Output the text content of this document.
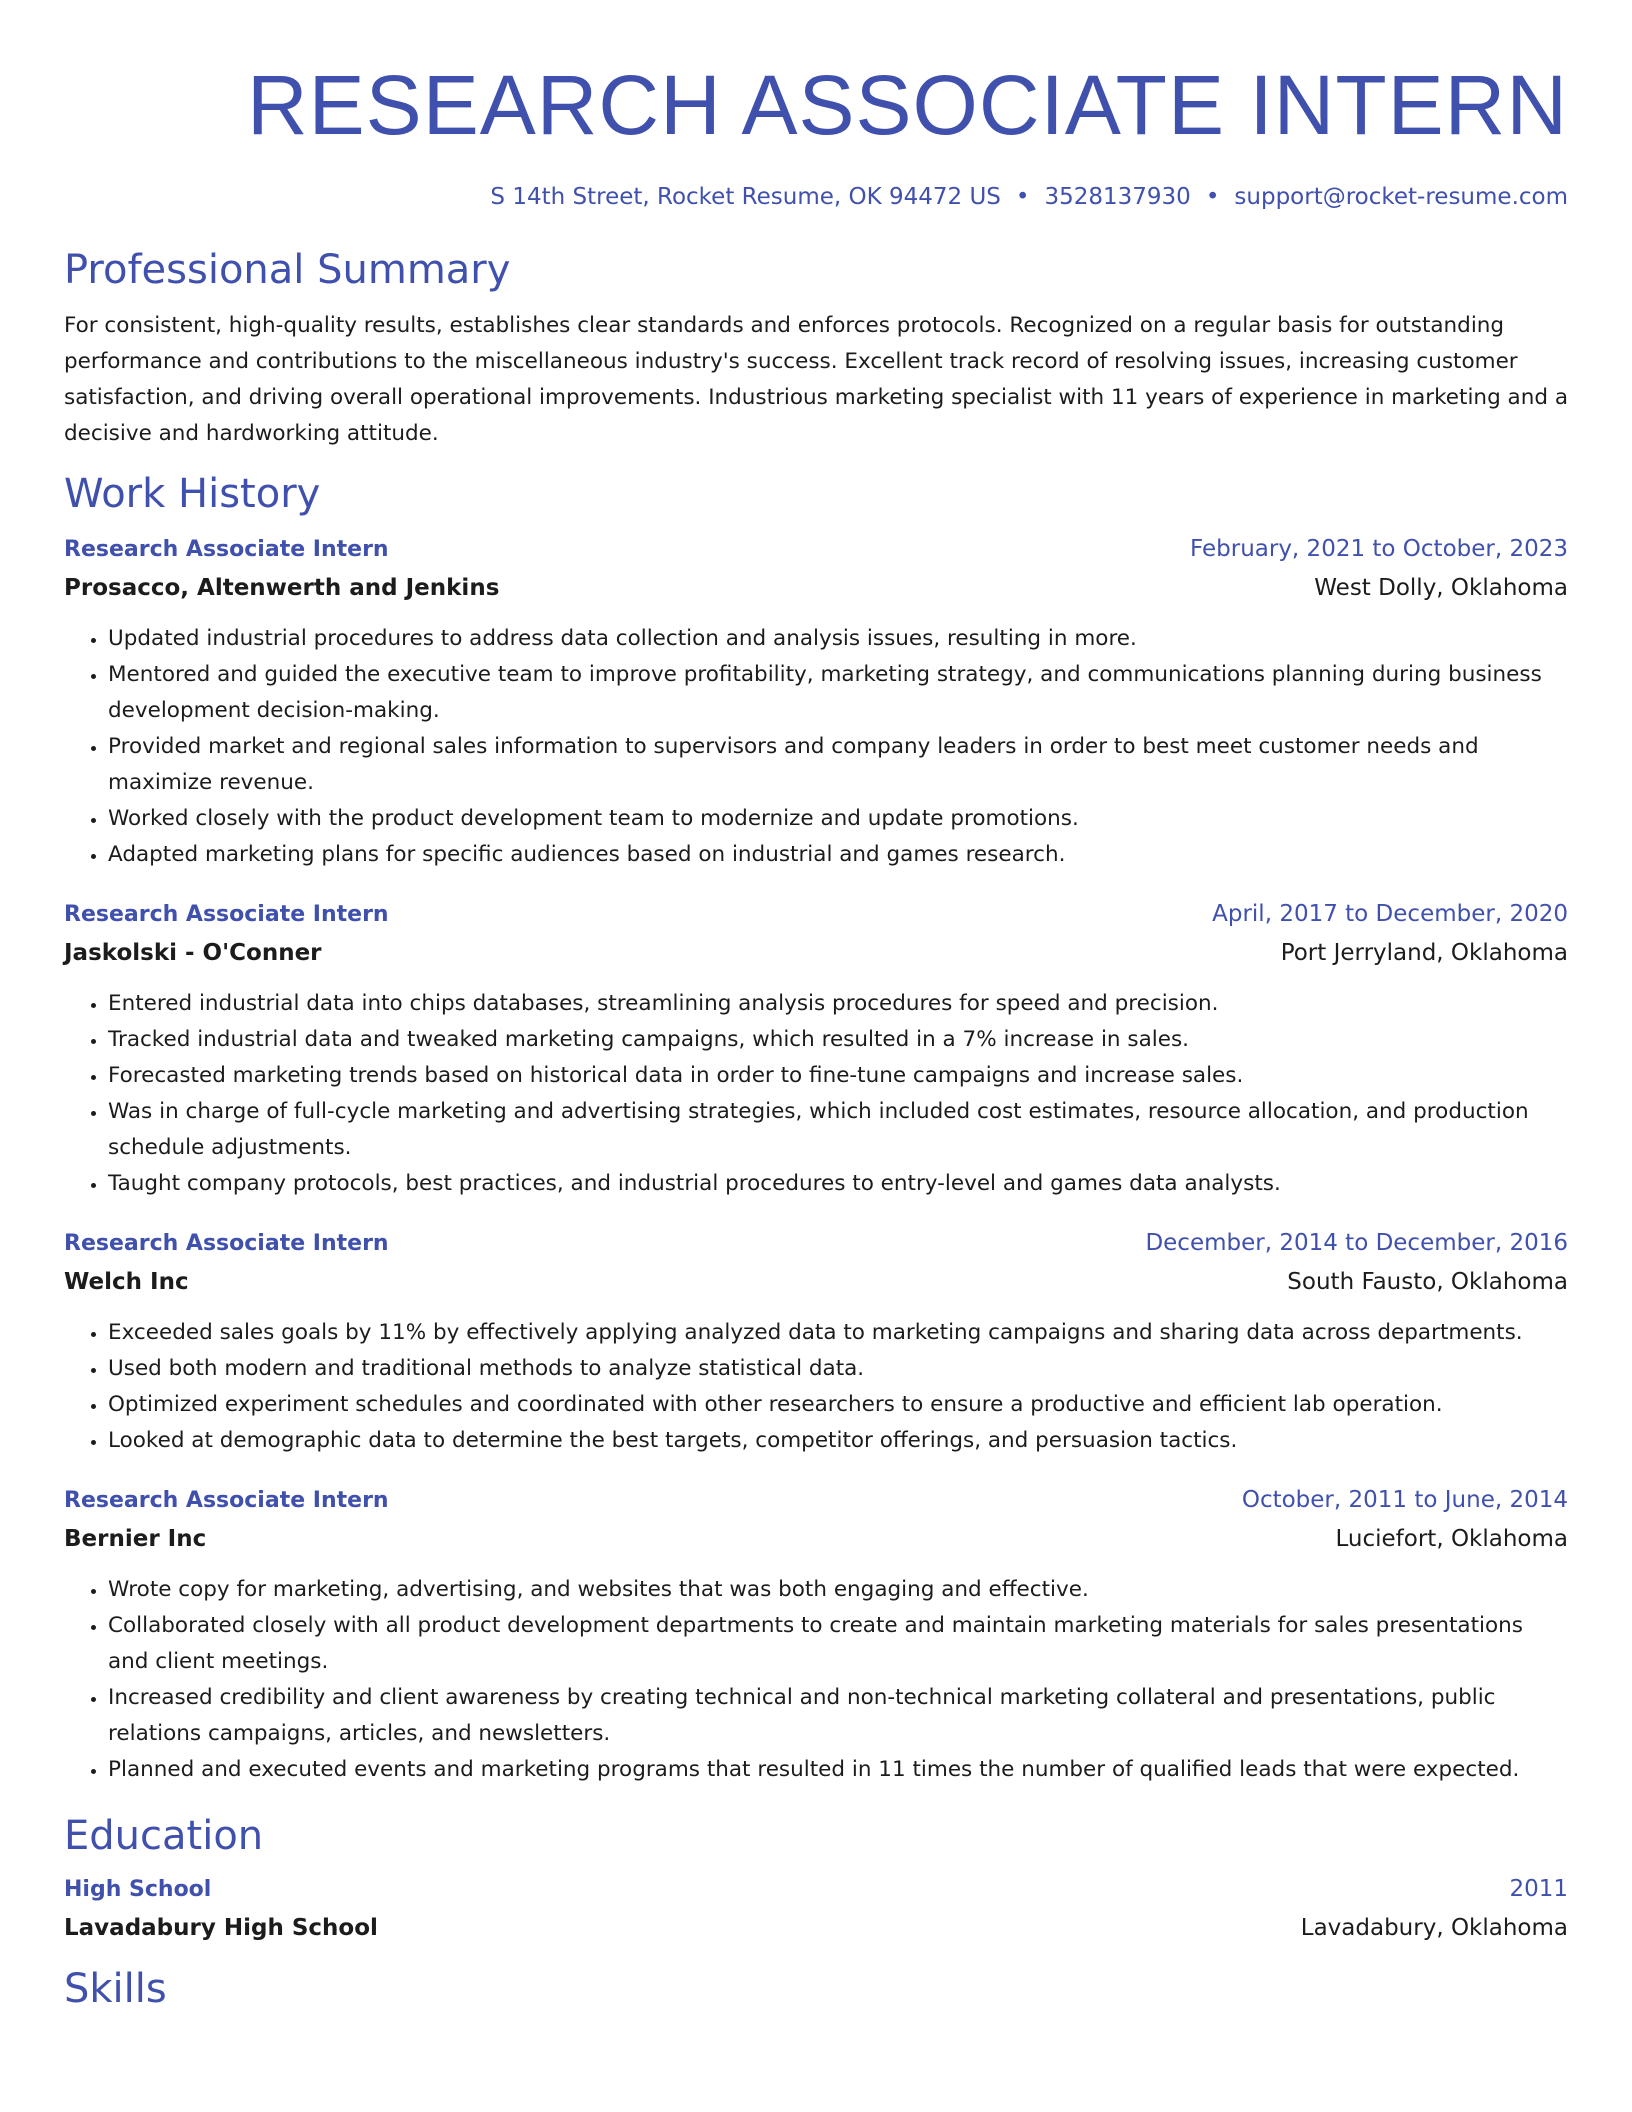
RESEARCH ASSOCIATE INTERN
S 14th Street, Rocket Resume, OK 94472 US • 3528137930 • support@rocket-resume.com
Professional Summary

For consistent, high-quality results, establishes clear standards and enforces protocols. Recognized on a regular basis for outstanding performance and contributions to the miscellaneous industry's success. Excellent track record of resolving issues, increasing customer satisfaction, and driving overall operational improvements. Industrious marketing specialist with 11 years of experience in marketing and a decisive and hardworking attitude.

Work History
Research Associate Intern	February, 2021 to October, 2023
Prosacco, Altenwerth and Jenkins	West Dolly, Oklahoma
• Updated industrial procedures to address data collection and analysis issues, resulting in more.
• Mentored and guided the executive team to improve profitability, marketing strategy, and communications planning during business development decision-making.
• Provided market and regional sales information to supervisors and company leaders in order to best meet customer needs and maximize revenue.
• Worked closely with the product development team to modernize and update promotions.
• Adapted marketing plans for specific audiences based on industrial and games research.
Research Associate Intern	April, 2017 to December, 2020
Jaskolski - O'Conner	Port Jerryland, Oklahoma
• Entered industrial data into chips databases, streamlining analysis procedures for speed and precision.
• Tracked industrial data and tweaked marketing campaigns, which resulted in a 7% increase in sales.
• Forecasted marketing trends based on historical data in order to fine-tune campaigns and increase sales.
• Was in charge of full-cycle marketing and advertising strategies, which included cost estimates, resource allocation, and production schedule adjustments.
• Taught company protocols, best practices, and industrial procedures to entry-level and games data analysts.
Research Associate Intern	December, 2014 to December, 2016
Welch Inc	South Fausto, Oklahoma
• Exceeded sales goals by 11% by effectively applying analyzed data to marketing campaigns and sharing data across departments.
• Used both modern and traditional methods to analyze statistical data.
• Optimized experiment schedules and coordinated with other researchers to ensure a productive and efficient lab operation.
• Looked at demographic data to determine the best targets, competitor offerings, and persuasion tactics.
Research Associate Intern	October, 2011 to June, 2014
Bernier Inc	Luciefort, Oklahoma
• Wrote copy for marketing, advertising, and websites that was both engaging and effective.
• Collaborated closely with all product development departments to create and maintain marketing materials for sales presentations and client meetings.
• Increased credibility and client awareness by creating technical and non-technical marketing collateral and presentations, public relations campaigns, articles, and newsletters.
• Planned and executed events and marketing programs that resulted in 11 times the number of qualified leads that were expected.
Education
High School	2011
Lavadabury High School	Lavadabury, Oklahoma
Skills
